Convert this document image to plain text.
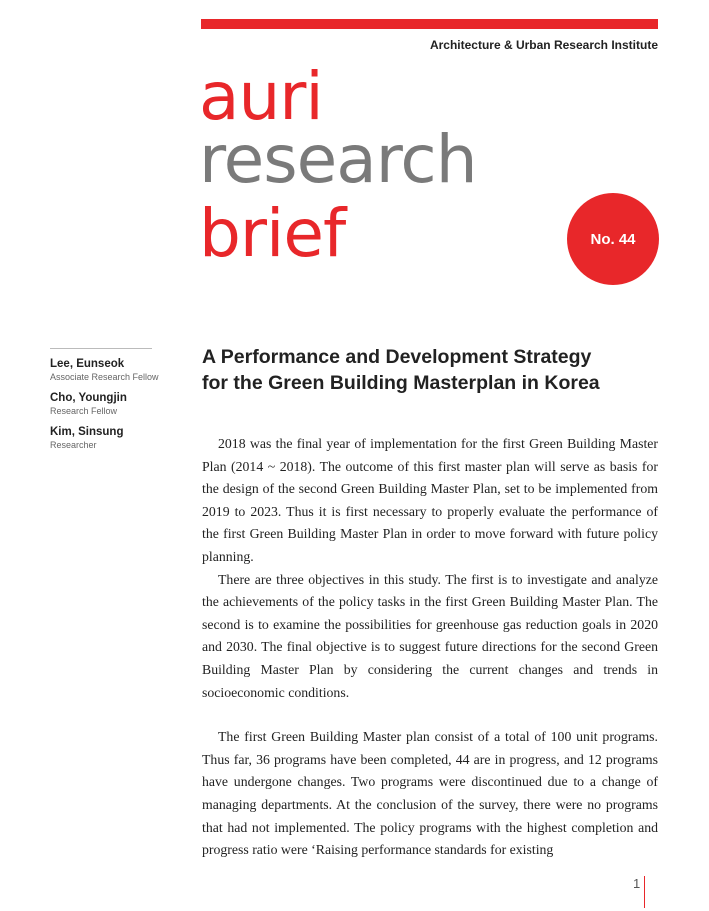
Architecture & Urban Research Institute
auri
research
brief	No. 44
Lee, Eunseok
Associate Research Fellow
Cho, Youngjin
Research Fellow
Kim, Sinsung
Researcher
A Performance and Development Strategy
for the Green Building Masterplan in Korea

2018 was the final year of implementation for the first Green Building Master Plan (2014 ~ 2018). The outcome of this first master plan will serve as basis for the design of the second Green Building Master Plan, set to be implemented from 2019 to 2023. Thus it is first necessary to properly evaluate the performance of the first Green Building Master Plan in order to move forward with future policy planning.

There are three objectives in this study. The first is to investigate and analyze the achievements of the policy tasks in the first Green Building Master Plan. The second is to examine the possibilities for greenhouse gas reduction goals in 2020 and 2030. The final objective is to suggest future directions for the second Green Building Master Plan by considering the current changes and trends in socioeconomic conditions.

The first Green Building Master plan consist of a total of 100 unit programs. Thus far, 36 programs have been completed, 44 are in progress, and 12 programs have undergone changes. Two programs were discontinued due to a change of managing departments. At the conclusion of the survey, there were no programs that had not implemented. The policy programs with the highest completion and progress ratio were ‘Raising performance standards for existing

1
